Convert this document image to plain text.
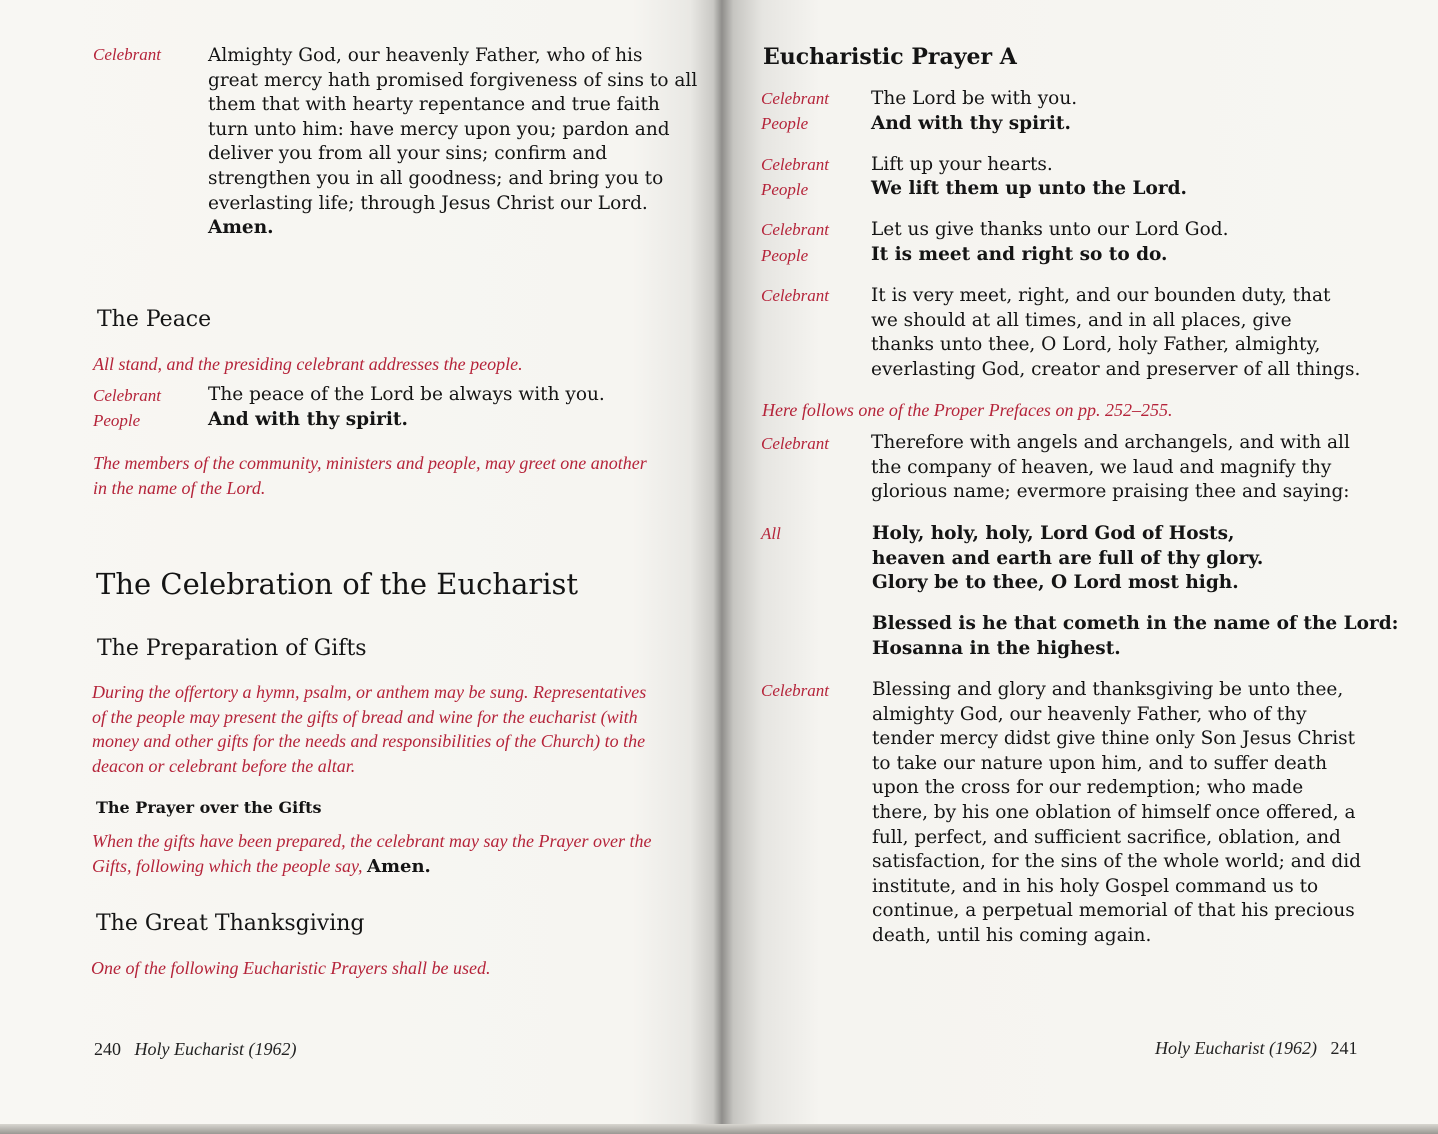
Celebrant	Almighty God, our heavenly Father, who of his
great mercy hath promised forgiveness of sins to all
them that with hearty repentance and true faith
turn unto him: have mercy upon you; pardon and
deliver you from all your sins; confirm and
strengthen you in all goodness; and bring you to
everlasting life; through Jesus Christ our Lord.
Amen.
The Peace
All stand, and the presiding celebrant addresses the people.
Celebrant	The peace of the Lord be always with you.
People	And with thy spirit.
The members of the community, ministers and people, may greet one another
in the name of the Lord.
The Celebration of the Eucharist
The Preparation of Gifts
During the offertory a hymn, psalm, or anthem may be sung. Representatives
of the people may present the gifts of bread and wine for the eucharist (with
money and other gifts for the needs and responsibilities of the Church) to the
deacon or celebrant before the altar.
The Prayer over the Gifts
When the gifts have been prepared, the celebrant may say the Prayer over the
Gifts, following which the people say, Amen.
The Great Thanksgiving
One of the following Eucharistic Prayers shall be used.
240 Holy Eucharist (1962)
Eucharistic Prayer A
Celebrant The Lord be with you.
People	And with thy spirit.
Celebrant Lift up your hearts.
People	We lift them up unto the Lord.
Celebrant Let us give thanks unto our Lord God.
People	It is meet and right so to do.
Celebrant It is very meet, right, and our bounden duty, that
we should at all times, and in all places, give
thanks unto thee, O Lord, holy Father, almighty,
everlasting God, creator and preserver of all things.
Here follows one of the Proper Prefaces on pp. 252–255.
Celebrant Therefore with angels and archangels, and with all
the company of heaven, we laud and magnify thy
glorious name; evermore praising thee and saying:
All	Holy, holy, holy, Lord God of Hosts,
heaven and earth are full of thy glory.
Glory be to thee, O Lord most high.
Blessed is he that cometh in the name of the Lord:
Hosanna in the highest.
Celebrant Blessing and glory and thanksgiving be unto thee,
almighty God, our heavenly Father, who of thy
tender mercy didst give thine only Son Jesus Christ
to take our nature upon him, and to suffer death
upon the cross for our redemption; who made
there, by his one oblation of himself once offered, a
full, perfect, and sufficient sacrifice, oblation, and
satisfaction, for the sins of the whole world; and did
institute, and in his holy Gospel command us to
continue, a perpetual memorial of that his precious
death, until his coming again.
Holy Eucharist (1962) 241
